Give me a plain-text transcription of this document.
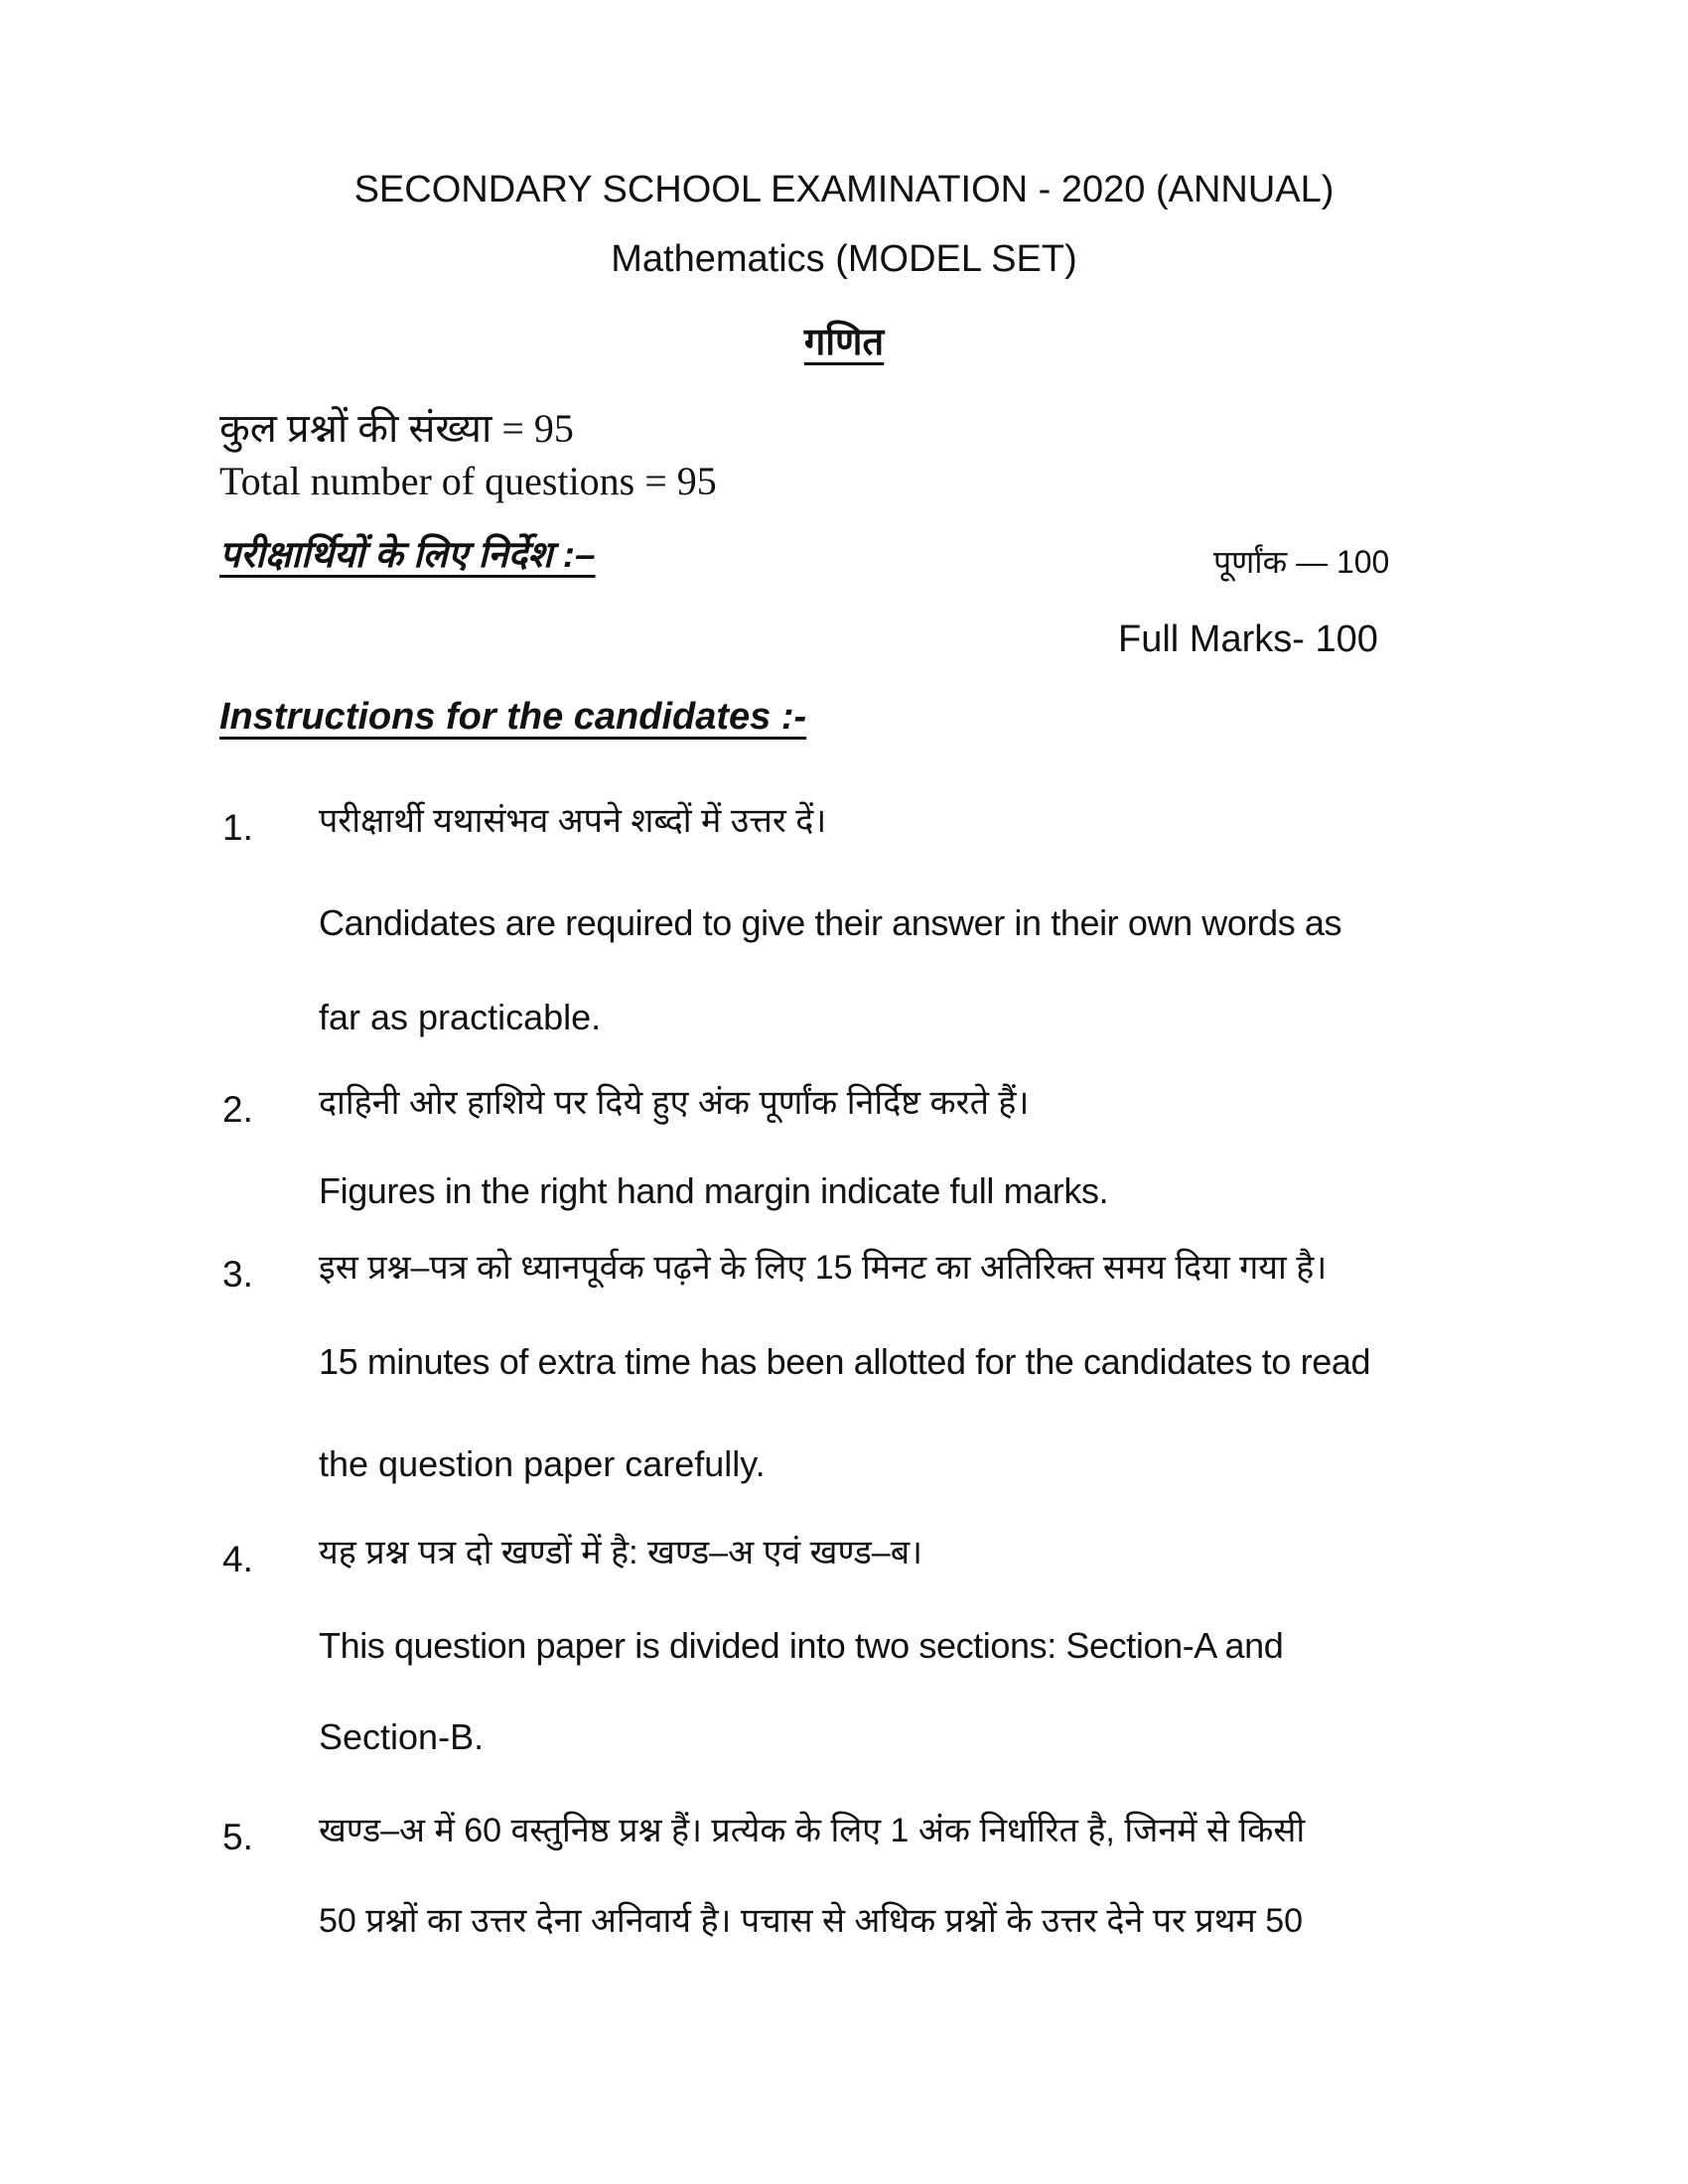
SECONDARY SCHOOL EXAMINATION - 2020 (ANNUAL)
Mathematics (MODEL SET)
गणित
कुल प्रश्नों की संख्या = 95
Total number of questions = 95
परीक्षार्थियों के लिए निर्देश :–	पूर्णांक — 100
Full Marks- 100
Instructions for the candidates :-
1. परीक्षार्थी यथासंभव अपने शब्दों में उत्तर दें।
Candidates are required to give their answer in their own words as
far as practicable.
2. दाहिनी ओर हाशिये पर दिये हुए अंक पूर्णांक निर्दिष्ट करते हैं।
Figures in the right hand margin indicate full marks.
3. इस प्रश्न–पत्र को ध्यानपूर्वक पढ़ने के लिए 15 मिनट का अतिरिक्त समय दिया गया है।
15 minutes of extra time has been allotted for the candidates to read
the question paper carefully.
4. यह प्रश्न पत्र दो खण्डों में है: खण्ड–अ एवं खण्ड–ब।
This question paper is divided into two sections: Section-A and
Section-B.
5. खण्ड–अ में 60 वस्तुनिष्ठ प्रश्न हैं। प्रत्येक के लिए 1 अंक निर्धारित है, जिनमें से किसी
50 प्रश्नों का उत्तर देना अनिवार्य है। पचास से अधिक प्रश्नों के उत्तर देने पर प्रथम 50
